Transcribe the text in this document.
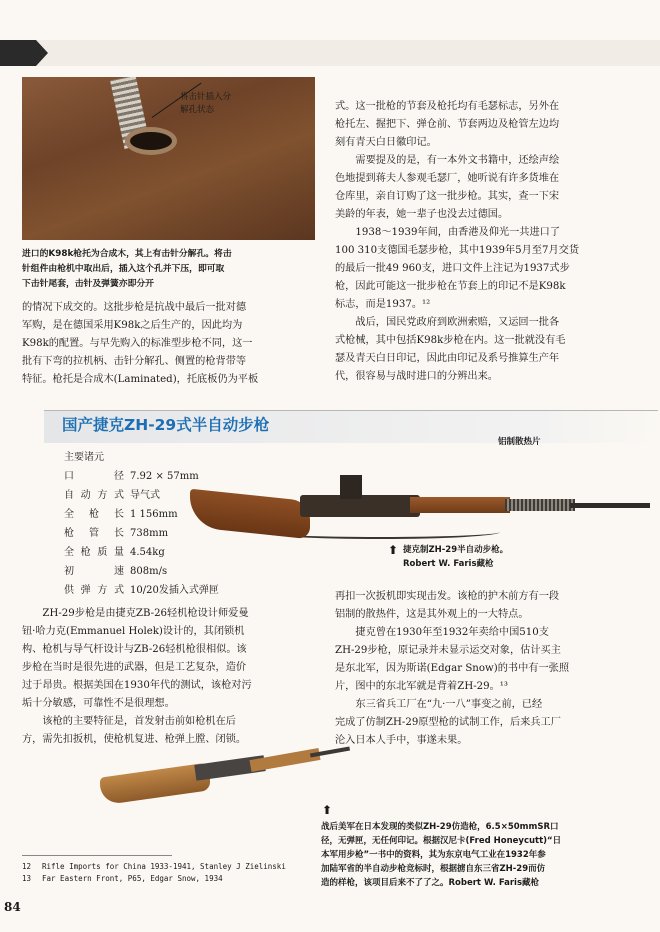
将击针插入分
解孔状态
进口的K98k枪托为合成木，其上有击针分解孔。将击
针组件由枪机中取出后，插入这个孔并下压，即可取
下击针尾套，击针及弹簧亦即分开

的情况下成交的。这批步枪是抗战中最后一批对德

军购，是在德国采用K98k之后生产的，因此均为

K98k的配置。与早先购入的标准型步枪不同，这一

批有下弯的拉机柄、击针分解孔、侧置的枪背带等

特征。枪托是合成木(Laminated)，托底板仍为平板

式。这一批枪的节套及枪托均有毛瑟标志，另外在

枪托左、握把下、弹仓前、节套两边及枪管左边均

刻有青天白日徽印记。

需要提及的是，有一本外文书籍中，还绘声绘

色地提到蒋夫人参观毛瑟厂，她听说有许多货堆在

仓库里，亲自订购了这一批步枪。其实，查一下宋

美龄的年表，她一辈子也没去过德国。

1938～1939年间，由香港及仰光一共进口了

100 310支德国毛瑟步枪，其中1939年5月至7月交货

的最后一批49 960支，进口文件上注记为1937式步

枪，因此可能这一批步枪在节套上的印记不是K98k

标志，而是1937。¹²

战后，国民党政府到欧洲索赔，又运回一批各

式枪械，其中包括K98k步枪在内。这一批就没有毛

瑟及青天白日印记，因此由印记及系号推算生产年

代，很容易与战时进口的分辨出来。

国产捷克ZH-29式半自动步枪
铝制散热片
主要诸元
口　　径 7.92 × 57mm
自动方式 导气式
全 枪 长 1 156mm
枪 管 长 738mm
全枪质量 4.54kg
初　　速 808m/s
供弹方式 10/20发插入式弹匣
⬆ 捷克制ZH-29半自动步枪。
Robert W. Faris藏枪

ZH-29步枪是由捷克ZB-26轻机枪设计师爱曼

钮·哈力克(Emmanuel Holek)设计的，其闭锁机

构、枪机与导气杆设计与ZB-26轻机枪很相似。该

步枪在当时是很先进的武器，但是工艺复杂，造价

过于昂贵。根据美国在1930年代的测试，该枪对污

垢十分敏感，可靠性不是很理想。

该枪的主要特征是，首发射击前如枪机在后

方，需先扣扳机，使枪机复进、枪弹上膛、闭锁。

再扣一次扳机即实现击发。该枪的护木前方有一段

铝制的散热件，这是其外观上的一大特点。

捷克曾在1930年至1932年卖给中国510支

ZH-29步枪，原记录并未显示运交对象，估计买主

是东北军，因为斯诺(Edgar Snow)的书中有一张照

片，图中的东北军就是背着ZH-29。¹³

东三省兵工厂在“九·一八”事变之前，已经

完成了仿制ZH-29原型枪的试制工作，后来兵工厂

沦入日本人手中，事遂未果。

⬆
战后美军在日本发现的类似ZH-29仿造枪，6.5×50mmSR口
径，无弹匣，无任何印记。根据汉尼卡(Fred Honeycutt)“日
本军用步枪”一书中的资料，其为东京电气工业在1932年参
加陆军省的半自动步枪竞标时，根据掳自东三省ZH-29而仿
造的样枪，该项目后来不了了之。Robert W. Faris藏枪
12 Rifle Imports for China 1933-1941, Stanley J Zielinski
13 Far Eastern Front, P65, Edgar Snow, 1934
84
